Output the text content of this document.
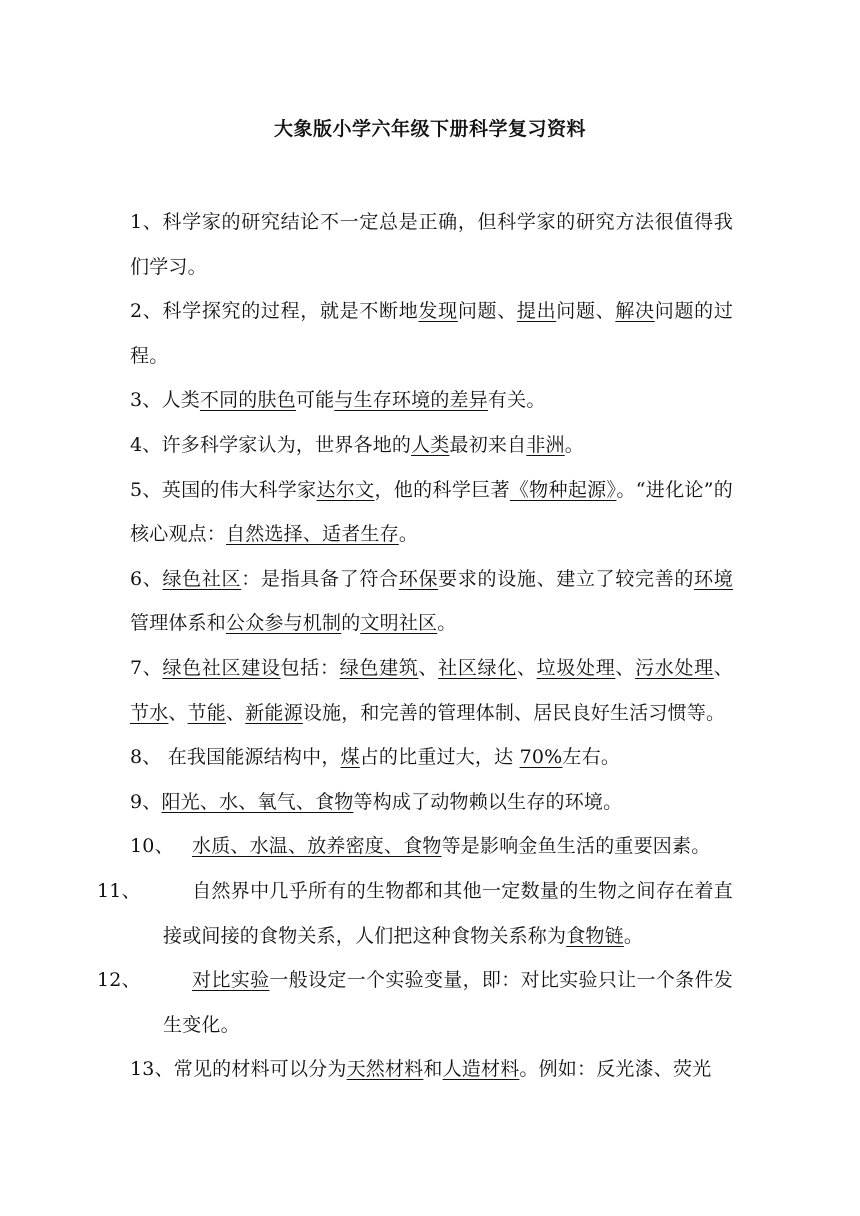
大象版小学六年级下册科学复习资料

1、科学家的研究结论不一定总是正确，但科学家的研究方法很值得我们学习。

2、科学探究的过程，就是不断地发现问题、提出问题、解决问题的过程。

3、人类不同的肤色可能与生存环境的差异有关。

4、许多科学家认为，世界各地的人类最初来自非洲。

5、英国的伟大科学家达尔文，他的科学巨著《物种起源》。“进化论”的核心观点：自然选择、适者生存。

6、绿色社区：是指具备了符合环保要求的设施、建立了较完善的环境管理体系和公众参与机制的文明社区。

7、绿色社区建设包括：绿色建筑、社区绿化、垃圾处理、污水处理、节水、节能、新能源设施，和完善的管理体制、居民良好生活习惯等。

8、 在我国能源结构中，煤占的比重过大，达 70%左右。

9、阳光、水、氧气、食物等构成了动物赖以生存的环境。

10、 水质、水温、放养密度、食物等是影响金鱼生活的重要因素。

11、	自然界中几乎所有的生物都和其他一定数量的生物之间存在着直接或间接的食物关系，人们把这种食物关系称为食物链。

12、	对比实验一般设定一个实验变量，即：对比实验只让一个条件发生变化。

13、常见的材料可以分为天然材料和人造材料。例如：反光漆、荧光
